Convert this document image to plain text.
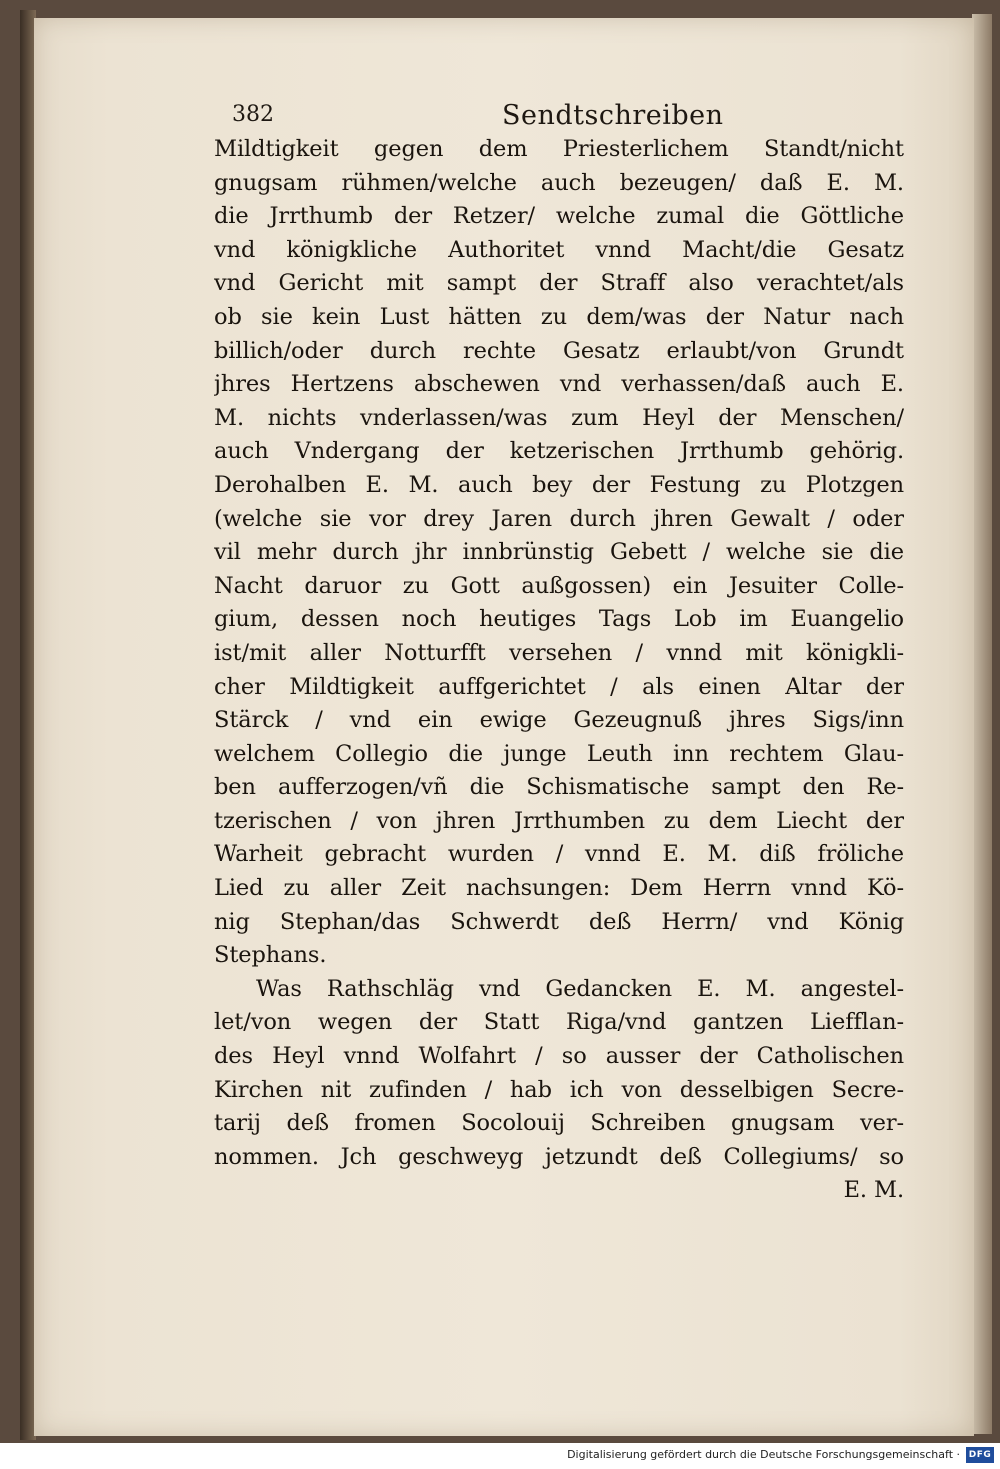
382	Sendtschreiben
Mildtigkeit gegen dem Priesterlichem Standt/nicht
gnugsam rühmen/welche auch bezeugen/ daß E. M.
die Jrrthumb der Retzer/ welche zumal die Göttliche
vnd königkliche Authoritet vnnd Macht/die Gesatz
vnd Gericht mit sampt der Straff also verachtet/als
ob sie kein Lust hätten zu dem/was der Natur nach
billich/oder durch rechte Gesatz erlaubt/von Grundt
jhres Hertzens abschewen vnd verhassen/daß auch E.
M. nichts vnderlassen/was zum Heyl der Menschen/
auch Vndergang der ketzerischen Jrrthumb gehörig.
Derohalben E. M. auch bey der Festung zu Plotzgen
(welche sie vor drey Jaren durch jhren Gewalt / oder
vil mehr durch jhr innbrünstig Gebett / welche sie die
Nacht daruor zu Gott außgossen) ein Jesuiter Colle-
gium, dessen noch heutiges Tags Lob im Euangelio
ist/mit aller Notturfft versehen / vnnd mit königkli-
cher Mildtigkeit auffgerichtet / als einen Altar der
Stärck / vnd ein ewige Gezeugnuß jhres Sigs/inn
welchem Collegio die junge Leuth inn rechtem Glau-
ben aufferzogen/vñ die Schismatische sampt den Re-
tzerischen / von jhren Jrrthumben zu dem Liecht der
Warheit gebracht wurden / vnnd E. M. diß fröliche
Lied zu aller Zeit nachsungen: Dem Herrn vnnd Kö-
nig Stephan/das Schwerdt deß Herrn/ vnd König
Stephans.
Was Rathschläg vnd Gedancken E. M. angestel-
let/von wegen der Statt Riga/vnd gantzen Liefflan-
des Heyl vnnd Wolfahrt / so ausser der Catholischen
Kirchen nit zufinden / hab ich von desselbigen Secre-
tarij deß fromen Socolouij Schreiben gnugsam ver-
nommen. Jch geschweyg jetzundt deß Collegiums/ so
E. M.
Digitalisierung gefördert durch die Deutsche Forschungsgemeinschaft · DFG
